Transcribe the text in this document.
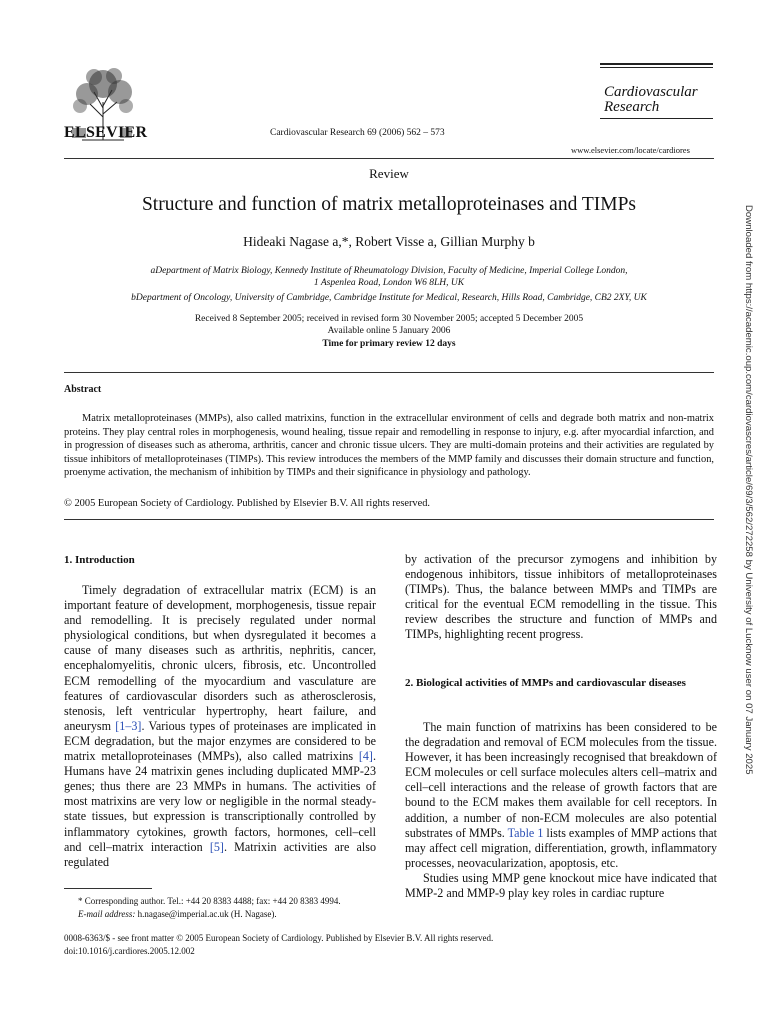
ELSEVIER	Cardiovascular Research 69 (2006) 562 – 573
Cardiovascular
Research
www.elsevier.com/locate/cardiores
Review
Structure and function of matrix metalloproteinases and TIMPs
Hideaki Nagase a,*, Robert Visse a, Gillian Murphy b
aDepartment of Matrix Biology, Kennedy Institute of Rheumatology Division, Faculty of Medicine, Imperial College London,
1 Aspenlea Road, London W6 8LH, UK
bDepartment of Oncology, University of Cambridge, Cambridge Institute for Medical, Research, Hills Road, Cambridge, CB2 2XY, UK
Received 8 September 2005; received in revised form 30 November 2005; accepted 5 December 2005
Available online 5 January 2006
Time for primary review 12 days
Abstract

Matrix metalloproteinases (MMPs), also called matrixins, function in the extracellular environment of cells and degrade both matrix and non-matrix proteins. They play central roles in morphogenesis, wound healing, tissue repair and remodelling in response to injury, e.g. after myocardial infarction, and in progression of diseases such as atheroma, arthritis, cancer and chronic tissue ulcers. They are multi-domain proteins and their activities are regulated by tissue inhibitors of metalloproteinases (TIMPs). This review introduces the members of the MMP family and discusses their domain structure and function, proenyme activation, the mechanism of inhibition by TIMPs and their significance in physiology and pathology.

© 2005 European Society of Cardiology. Published by Elsevier B.V. All rights reserved.
1. Introduction

Timely degradation of extracellular matrix (ECM) is an important feature of development, morphogenesis, tissue repair and remodelling. It is precisely regulated under normal physiological conditions, but when dysregulated it becomes a cause of many diseases such as arthritis, nephritis, cancer, encephalomyelitis, chronic ulcers, fibrosis, etc. Uncontrolled ECM remodelling of the myocardium and vasculature are features of cardiovascular disorders such as atherosclerosis, stenosis, left ventricular hypertrophy, heart failure, and aneurysm [1–3]. Various types of proteinases are implicated in ECM degradation, but the major enzymes are considered to be matrix metalloproteinases (MMPs), also called matrixins [4]. Humans have 24 matrixin genes including duplicated MMP-23 genes; thus there are 23 MMPs in humans. The activities of most matrixins are very low or negligible in the normal steady-state tissues, but expression is transcriptionally controlled by inflammatory cytokines, growth factors, hormones, cell–cell and cell–matrix interaction [5]. Matrixin activities are also regulated

by activation of the precursor zymogens and inhibition by endogenous inhibitors, tissue inhibitors of metalloproteinases (TIMPs). Thus, the balance between MMPs and TIMPs are critical for the eventual ECM remodelling in the tissue. This review describes the structure and function of MMPs and TIMPs, highlighting recent progress.

2. Biological activities of MMPs and cardiovascular diseases

The main function of matrixins has been considered to be the degradation and removal of ECM molecules from the tissue. However, it has been increasingly recognised that breakdown of ECM molecules or cell surface molecules alters cell–matrix and cell–cell interactions and the release of growth factors that are bound to the ECM makes them available for cell receptors. In addition, a number of non-ECM molecules are also potential substrates of MMPs. Table 1 lists examples of MMP actions that may affect cell migration, differentiation, growth, inflammatory processes, neovacularization, apoptosis, etc.

Studies using MMP gene knockout mice have indicated that MMP-2 and MMP-9 play key roles in cardiac rupture

* Corresponding author. Tel.: +44 20 8383 4488; fax: +44 20 8383 4994.
E-mail address: h.nagase@imperial.ac.uk (H. Nagase).
0008-6363/$ - see front matter © 2005 European Society of Cardiology. Published by Elsevier B.V. All rights reserved.
doi:10.1016/j.cardiores.2005.12.002
Downloaded from https://academic.oup.com/cardiovascres/article/69/3/562/272258 by University of Lucknow user on 07 January 2025
